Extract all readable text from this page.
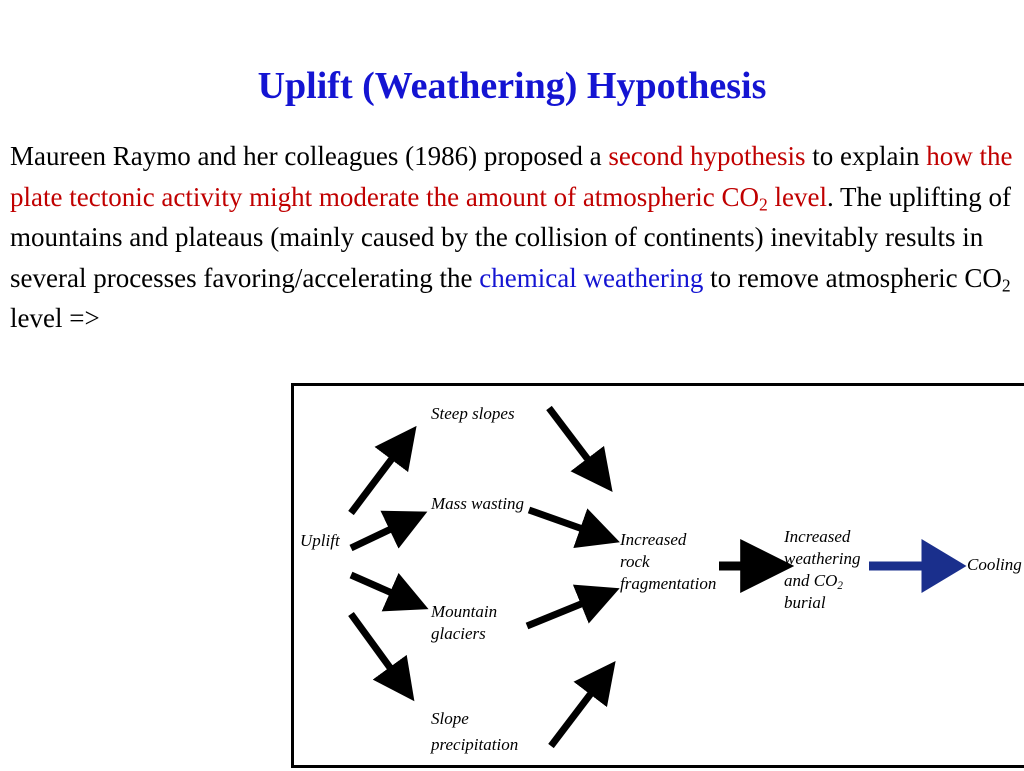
Uplift (Weathering) Hypothesis

Maureen Raymo and her colleagues (1986) proposed a second hypothesis to explain how the plate tectonic activity might moderate the amount of atmospheric $CO_2$ level. The uplifting of mountains and plateaus (mainly caused by the collision of continents) inevitably results in several processes favoring/accelerating the chemical weathering to remove atmospheric $CO_2$ level =>

Uplift
Steep slopes
Mass wasting
Mountain
glaciers
Slope
precipitation
Increased
rock
fragmentation
Increased
weathering
and $CO_2$
burial
Cooling
